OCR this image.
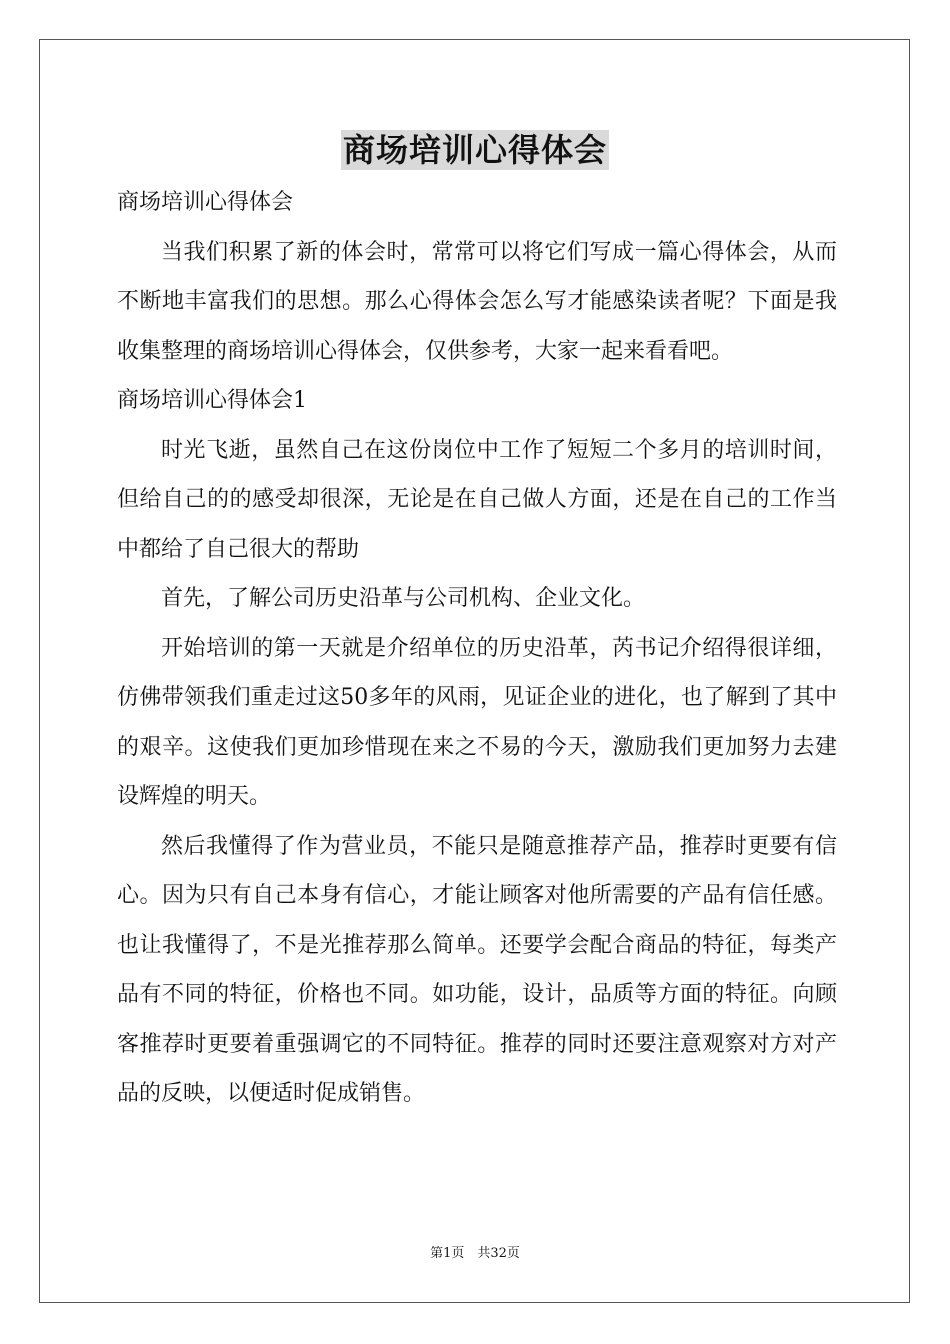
商场培训心得体会

商场培训心得体会

当我们积累了新的体会时，常常可以将它们写成一篇心得体会，从而不断地丰富我们的思想。那么心得体会怎么写才能感染读者呢？下面是我收集整理的商场培训心得体会，仅供参考，大家一起来看看吧。

商场培训心得体会1

时光飞逝，虽然自己在这份岗位中工作了短短二个多月的培训时间，但给自己的的感受却很深，无论是在自己做人方面，还是在自己的工作当中都给了自己很大的帮助

首先，了解公司历史沿革与公司机构、企业文化。

开始培训的第一天就是介绍单位的历史沿革，芮书记介绍得很详细，仿佛带领我们重走过这50多年的风雨，见证企业的进化，也了解到了其中的艰辛。这使我们更加珍惜现在来之不易的今天，激励我们更加努力去建设辉煌的明天。

然后我懂得了作为营业员，不能只是随意推荐产品，推荐时更要有信心。因为只有自己本身有信心，才能让顾客对他所需要的产品有信任感。也让我懂得了，不是光推荐那么简单。还要学会配合商品的特征，每类产品有不同的特征，价格也不同。如功能，设计，品质等方面的特征。向顾客推荐时更要着重强调它的不同特征。推荐的同时还要注意观察对方对产品的反映，以便适时促成销售。

第1页　共32页
